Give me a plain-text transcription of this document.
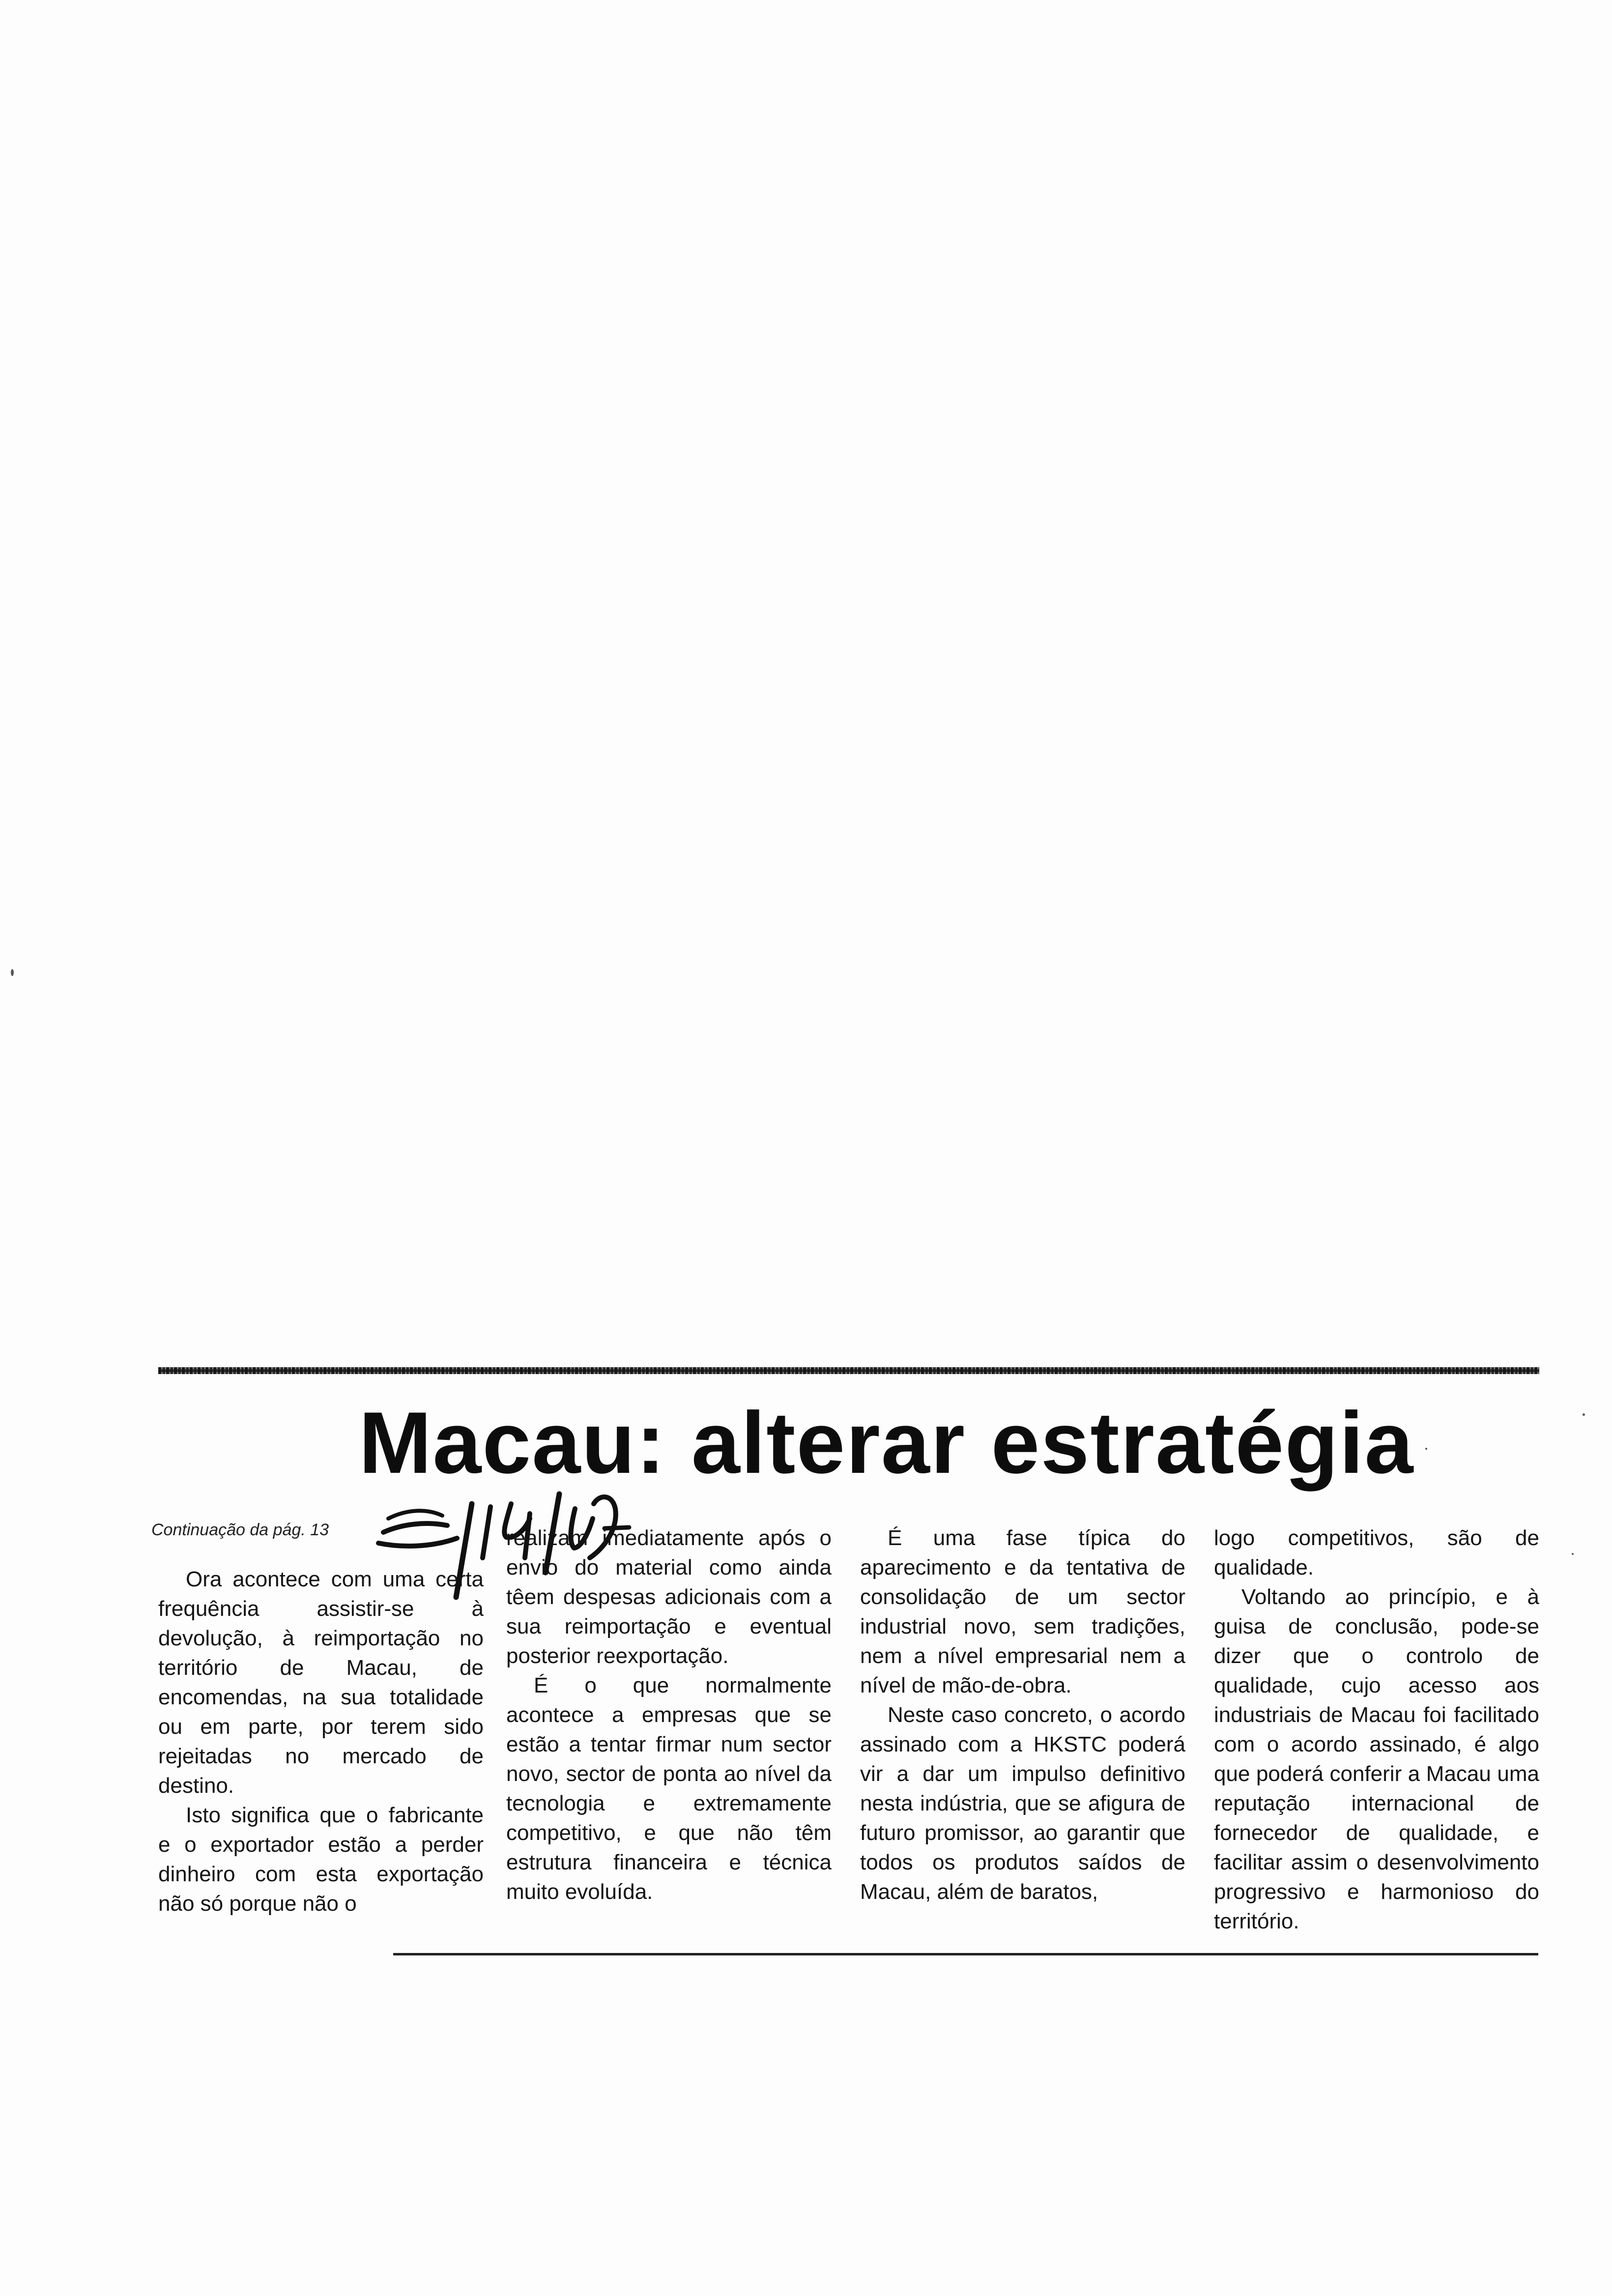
Macau: alterar estratégia
Continuação da pág. 13

Ora acontece com uma certa frequência assistir-se à devolução, à reimportação no território de Macau, de encomendas, na sua totalidade ou em parte, por terem sido rejeitadas no mercado de destino.

Isto significa que o fabricante e o exportador estão a perder dinheiro com esta exportação não só porque não o

realizam imediatamente após o envio do material como ainda têem despesas adicionais com a sua reimportação e eventual posterior reexportação.

É o que normalmente acontece a empresas que se estão a tentar firmar num sector novo, sector de ponta ao nível da tecnologia e extremamente competitivo, e que não têm estrutura financeira e técnica muito evoluída.

É uma fase típica do aparecimento e da tentativa de consolidação de um sector industrial novo, sem tradições, nem a nível empresarial nem a nível de mão-de-obra.

Neste caso concreto, o acordo assinado com a HKSTC poderá vir a dar um impulso definitivo nesta indústria, que se afigura de futuro promissor, ao garantir que todos os produtos saídos de Macau, além de baratos,

logo competitivos, são de qualidade.

Voltando ao princípio, e à guisa de conclusão, pode-se dizer que o controlo de qualidade, cujo acesso aos industriais de Macau foi facilitado com o acordo assinado, é algo que poderá conferir a Macau uma reputação internacional de fornecedor de qualidade, e facilitar assim o desenvolvimento progressivo e harmonioso do território.
